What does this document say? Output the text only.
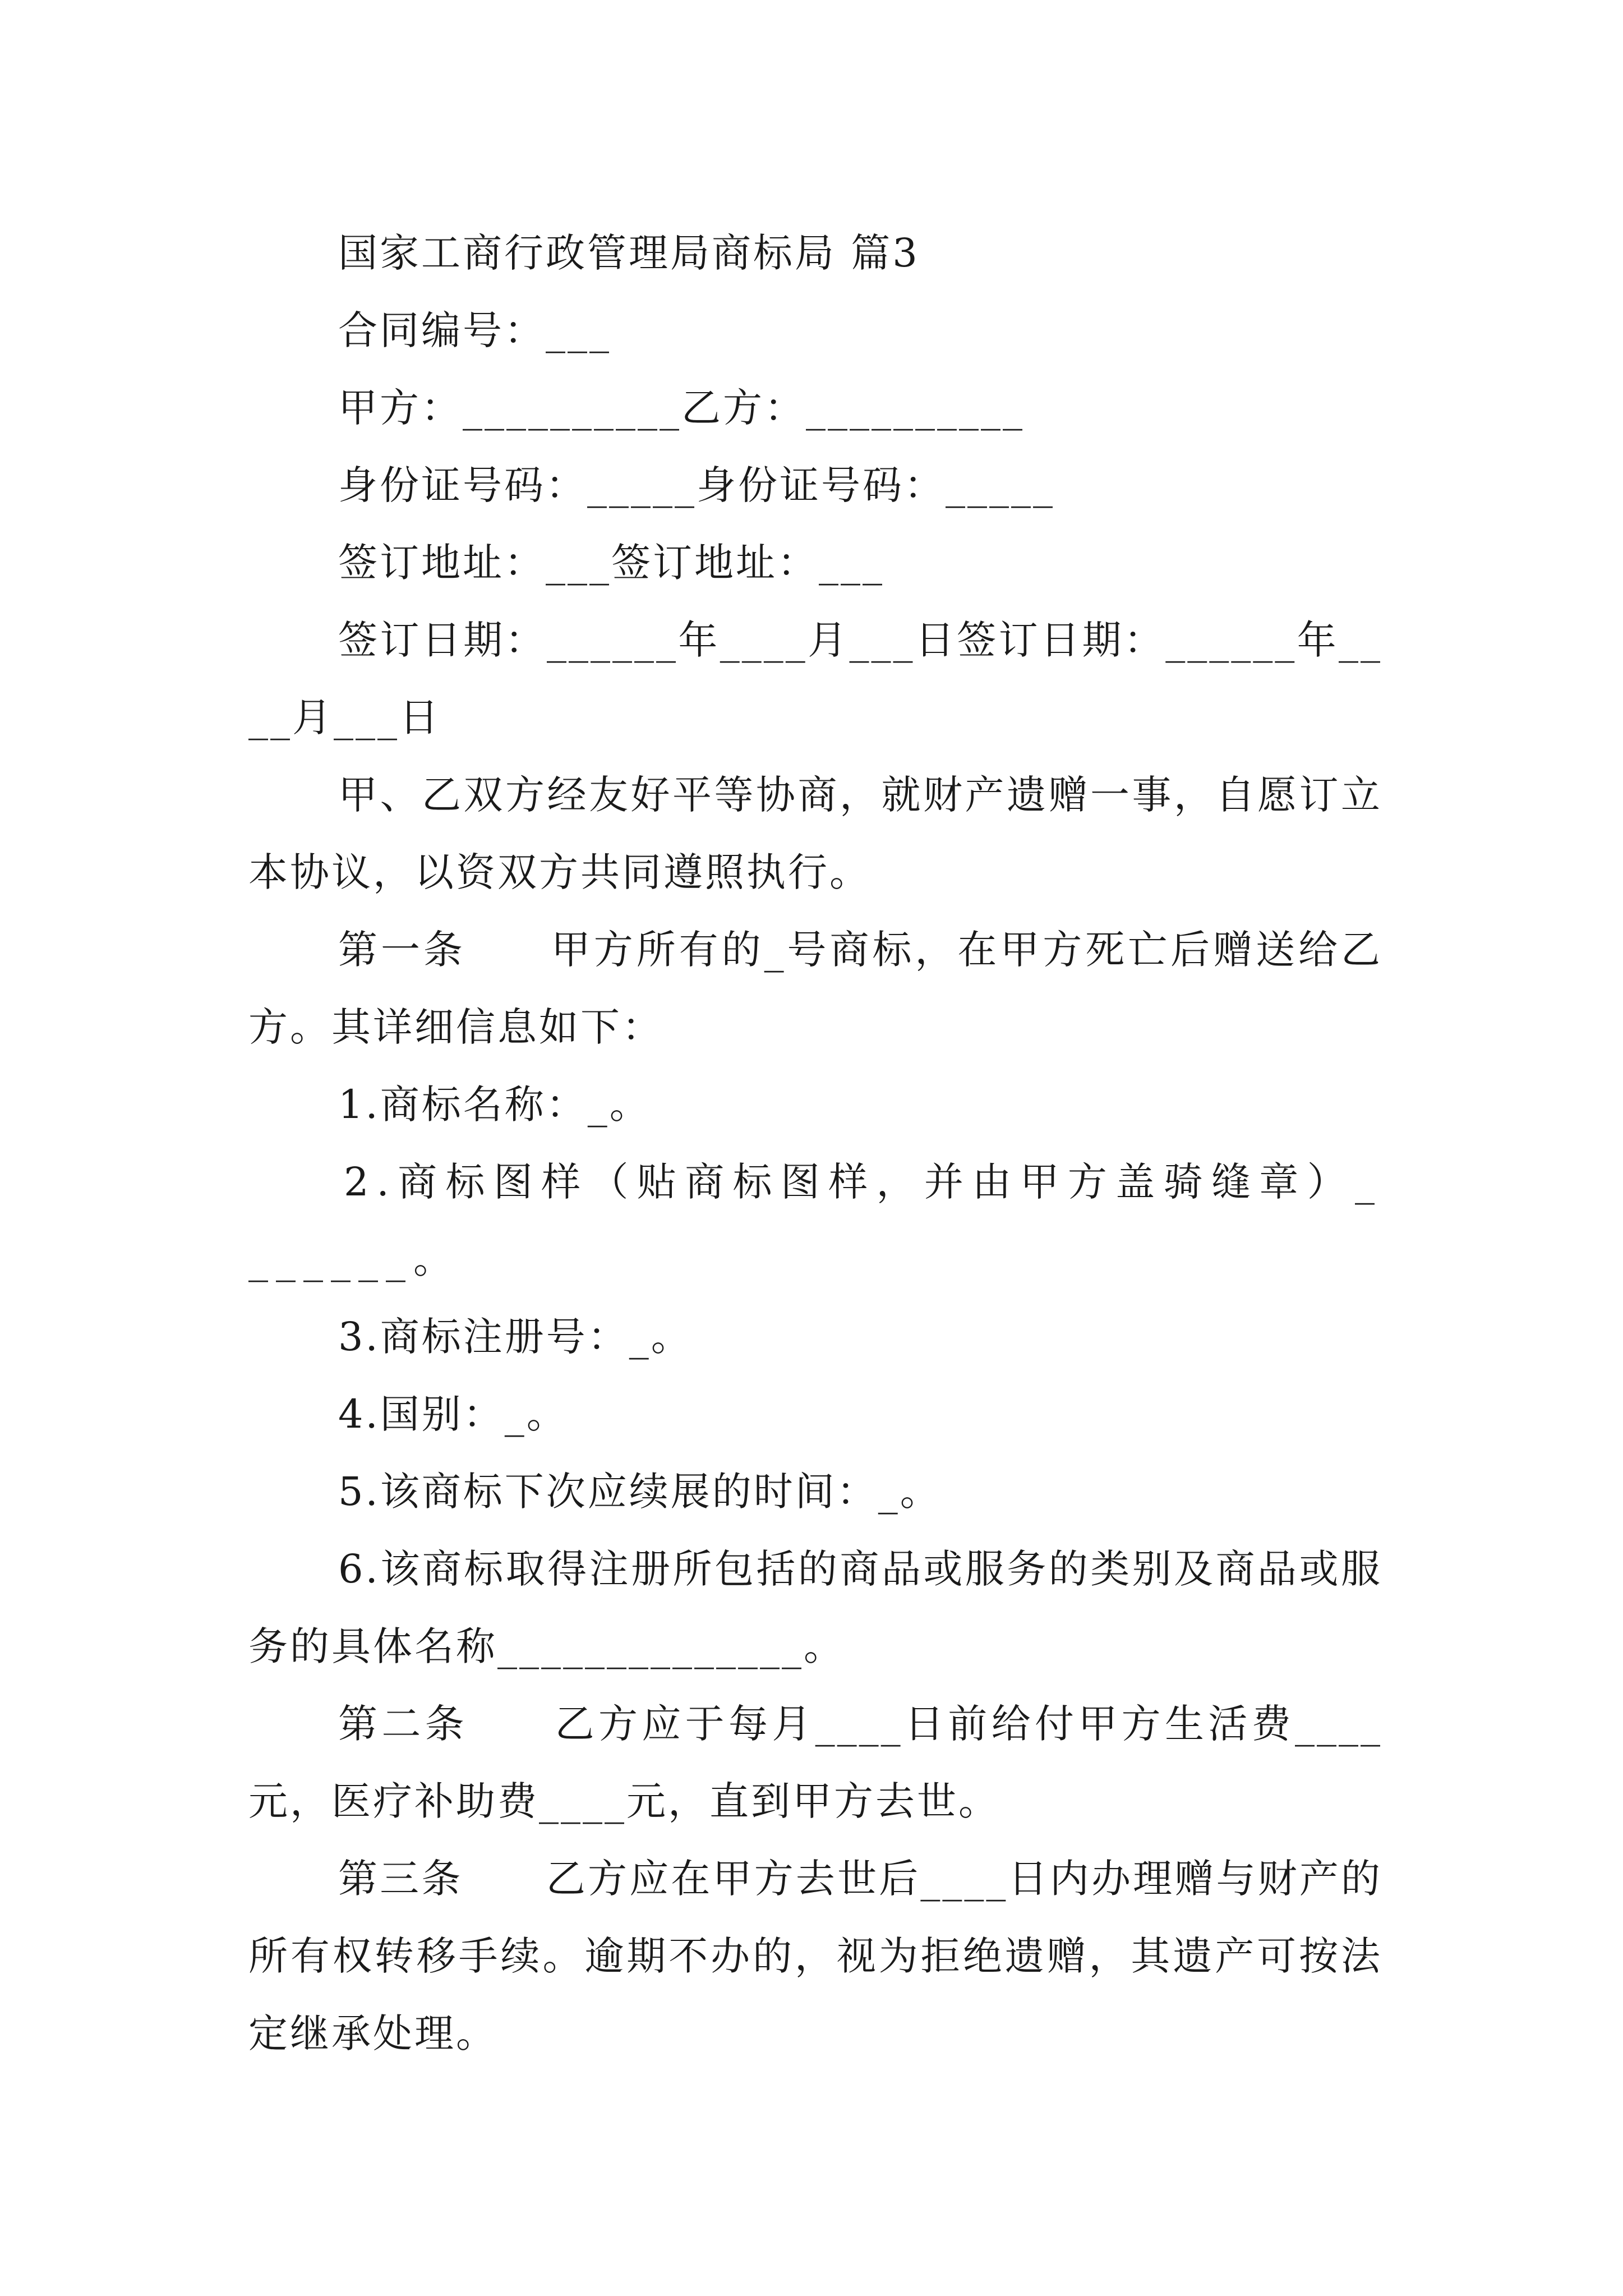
国家工商行政管理局商标局 篇3

合同编号：___

甲方：__________乙方：__________

身份证号码：_____身份证号码：_____

签订地址：___签订地址：___

签订日期：______年____月___日签订日期：______年____月___日

甲、乙双方经友好平等协商，就财产遗赠一事，自愿订立本协议，以资双方共同遵照执行。

第一条　　甲方所有的_号商标，在甲方死亡后赠送给乙方。其详细信息如下：

1.商标名称：_。

2.商标图样（贴商标图样，并由甲方盖骑缝章）_______。

3.商标注册号：_。

4.国别：_。

5.该商标下次应续展的时间：_。

6.该商标取得注册所包括的商品或服务的类别及商品或服务的具体名称______________。

第二条　　乙方应于每月____日前给付甲方生活费____元，医疗补助费____元，直到甲方去世。

第三条　　乙方应在甲方去世后____日内办理赠与财产的所有权转移手续。逾期不办的，视为拒绝遗赠，其遗产可按法定继承处理。
